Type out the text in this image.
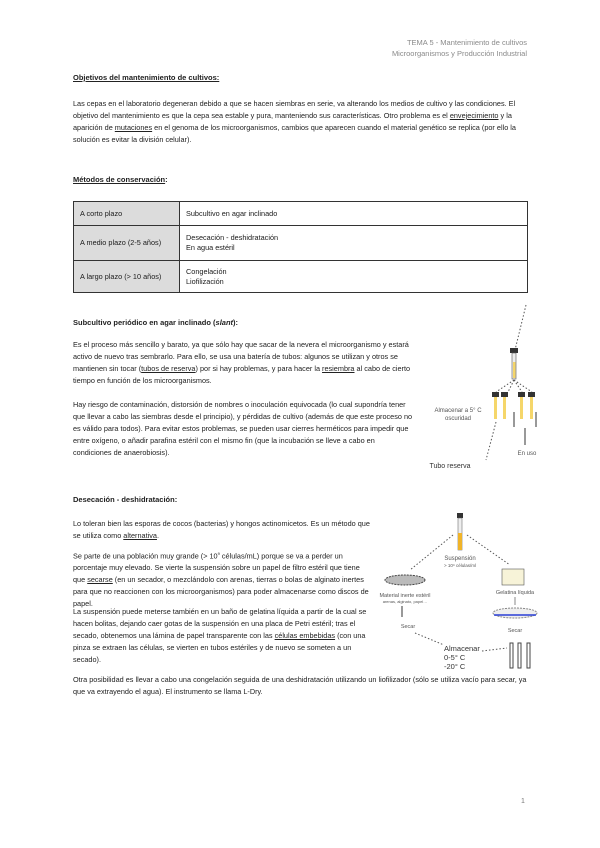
TEMA 5 - Mantenimiento de cultivos
Microorganismos y Producción Industrial
Objetivos del mantenimiento de cultivos:

Las cepas en el laboratorio degeneran debido a que se hacen siembras en serie, va alterando los medios de cultivo y las condiciones. El objetivo del mantenimiento es que la cepa sea estable y pura, manteniendo sus características. Otro problema es el envejecimiento y la aparición de mutaciones en el genoma de los microorganismos, cambios que aparecen cuando el material genético se replica (por ello la solución es evitar la división celular).

Métodos de conservación:
A corto plazo	Subcultivo en agar inclinado

A medio plazo (2-5 años)	Desecación - deshidratación
En agua estéril

A largo plazo (> 10 años)	Congelación
Liofilización
Subcultivo periódico en agar inclinado (slant):

Es el proceso más sencillo y barato, ya que sólo hay que sacar de la nevera el microorganismo y estará activo de nuevo tras sembrarlo. Para ello, se usa una batería de tubos: algunos se utilizan y otros se mantienen sin tocar (tubos de reserva) por si hay problemas, y para hacer la resiembra al cabo de cierto tiempo en función de los microorganismos.

Hay riesgo de contaminación, distorsión de nombres o inoculación equivocada (lo cual supondría tener que llevar a cabo las siembras desde el principio), y pérdidas de cultivo (además de que este proceso no es válido para todos). Para evitar estos problemas, se pueden usar cierres herméticos para impedir que entre oxígeno, o añadir parafina estéril con el mismo fin (que la incubación se lleve a cabo en condiciones de anaerobiosis).

Almacenar a 5° C
oscuridad
En uso
Tubo reserva
Desecación - deshidratación:

Lo toleran bien las esporas de cocos (bacterias) y hongos actinomicetos. Es un método que se utiliza como alternativa.

Se parte de una población muy grande (> $10^9$ células/mL) porque se va a perder un porcentaje muy elevado. Se vierte la suspensión sobre un papel de filtro estéril que tiene que secarse (en un secador, o mezclándolo con arenas, tierras o bolas de alginato inertes para que no reaccionen con los microorganismos) para poder almacenarse como discos de papel.

La suspensión puede meterse también en un baño de gelatina líquida a partir de la cual se hacen bolitas, dejando caer gotas de la suspensión en una placa de Petri estéril; tras el secado, obtenemos una lámina de papel transparente con las células embebidas (con una pinza se extraen las células, se vierten en tubos estériles y de nuevo se someten a un secado).

Otra posibilidad es llevar a cabo una congelación seguida de una deshidratación utilizando un liofilizador (sólo se utiliza vacío para secar, ya que va extrayendo el agua). El instrumento se llama L-Dry.

Suspensión
> 10⁹ células/ml
Material inerte estéril
arenas, alginato, papel…
Secar
Gelatina líquida
Secar
Almacenar
0-5° C
-20° C
1
